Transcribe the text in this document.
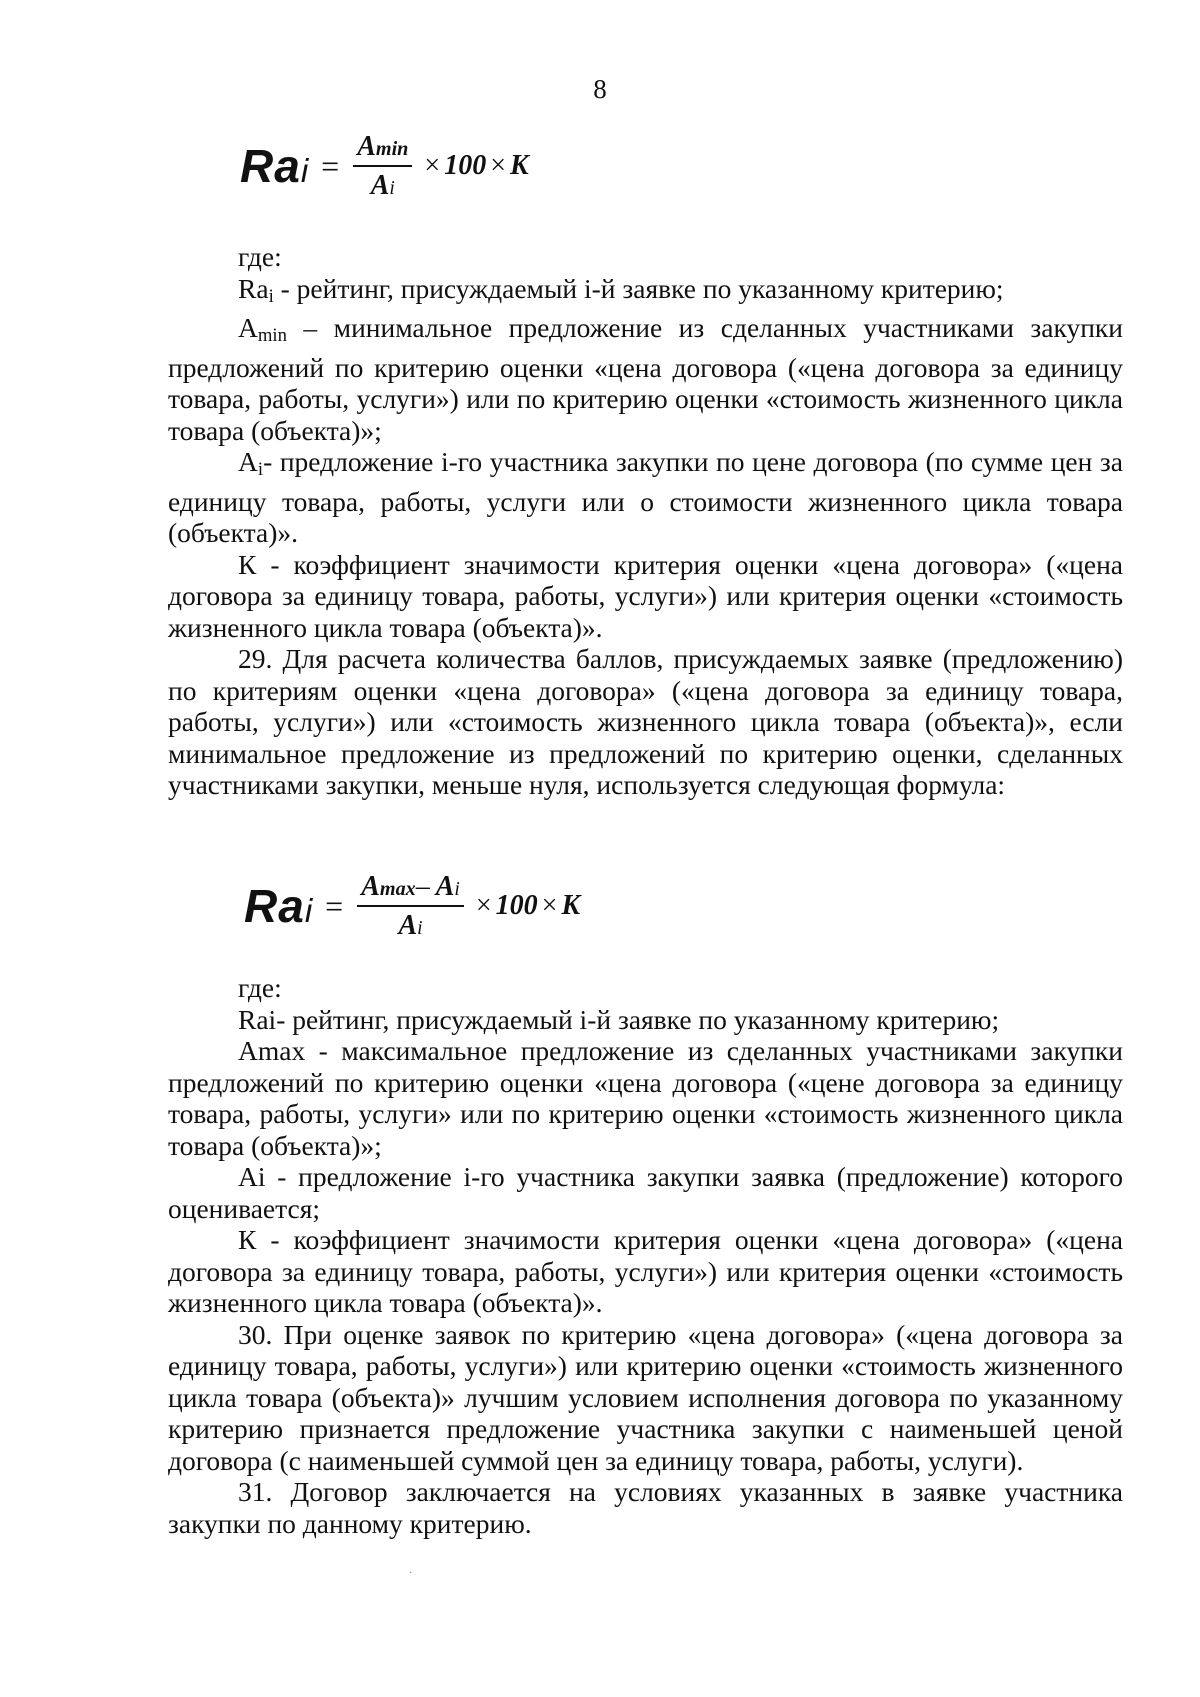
8
Rai = $\frac{Amin}{Ai} \times 100 \times K$

где:

Rai - рейтинг, присуждаемый i-й заявке по указанному критерию;

Amin – минимальное предложение из сделанных участниками закупки предложений по критерию оценки «цена договора («цена договора за единицу товара, работы, услуги») или по критерию оценки «стоимость жизненного цикла товара (объекта)»;

Ai- предложение i-го участника закупки по цене договора (по сумме цен за единицу товара, работы, услуги или о стоимости жизненного цикла товара (объекта)».

К - коэффициент значимости критерия оценки «цена договора» («цена договора за единицу товара, работы, услуги») или критерия оценки «стоимость жизненного цикла товара (объекта)».

29. Для расчета количества баллов, присуждаемых заявке (предложению) по критериям оценки «цена договора» («цена договора за единицу товара, работы, услуги») или «стоимость жизненного цикла товара (объекта)», если минимальное предложение из предложений по критерию оценки, сделанных участниками закупки, меньше нуля, используется следующая формула:

Rai = $\frac{Amax- Ai}{Ai} \times 100 \times K$

где:

Rai- рейтинг, присуждаемый i-й заявке по указанному критерию;

Amax - максимальное предложение из сделанных участниками закупки предложений по критерию оценки «цена договора («цене договора за единицу товара, работы, услуги» или по критерию оценки «стоимость жизненного цикла товара (объекта)»;

Ai - предложение i-го участника закупки заявка (предложение) которого оценивается;

К - коэффициент значимости критерия оценки «цена договора» («цена договора за единицу товара, работы, услуги») или критерия оценки «стоимость жизненного цикла товара (объекта)».

30. При оценке заявок по критерию «цена договора» («цена договора за единицу товара, работы, услуги») или критерию оценки «стоимость жизненного цикла товара (объекта)» лучшим условием исполнения договора по указанному критерию признается предложение участника закупки с наименьшей ценой договора (с наименьшей суммой цен за единицу товара, работы, услуги).

31. Договор заключается на условиях указанных в заявке участника закупки по данному критерию.

·
